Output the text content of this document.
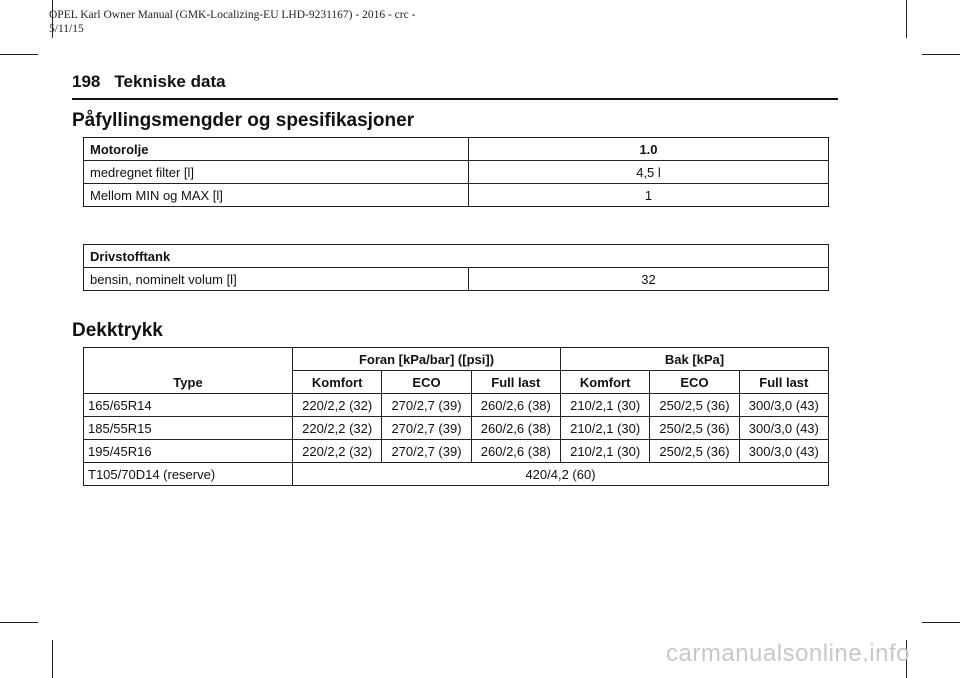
OPEL Karl Owner Manual (GMK-Localizing-EU LHD-9231167) - 2016 - crc -
5/11/15
198 Tekniske data
Påfyllingsmengder og spesifikasjoner
Motorolje	1.0
medregnet filter [l]	4,5 l
Mellom MIN og MAX [l]	1
Drivstofftank
bensin, nominelt volum [l]	32
Dekktrykk
Type	Foran [kPa/bar] ([psi])			Bak [kPa]		
	Komfort	ECO	Full last	Komfort	ECO	Full last
165/65R14	220/2,2 (32)	270/2,7 (39)	260/2,6 (38)	210/2,1 (30)	250/2,5 (36)	300/3,0 (43)
185/55R15	220/2,2 (32)	270/2,7 (39)	260/2,6 (38)	210/2,1 (30)	250/2,5 (36)	300/3,0 (43)
195/45R16	220/2,2 (32)	270/2,7 (39)	260/2,6 (38)	210/2,1 (30)	250/2,5 (36)	300/3,0 (43)
T105/70D14 (reserve)	420/4,2 (60)					
carmanualsonline.info
